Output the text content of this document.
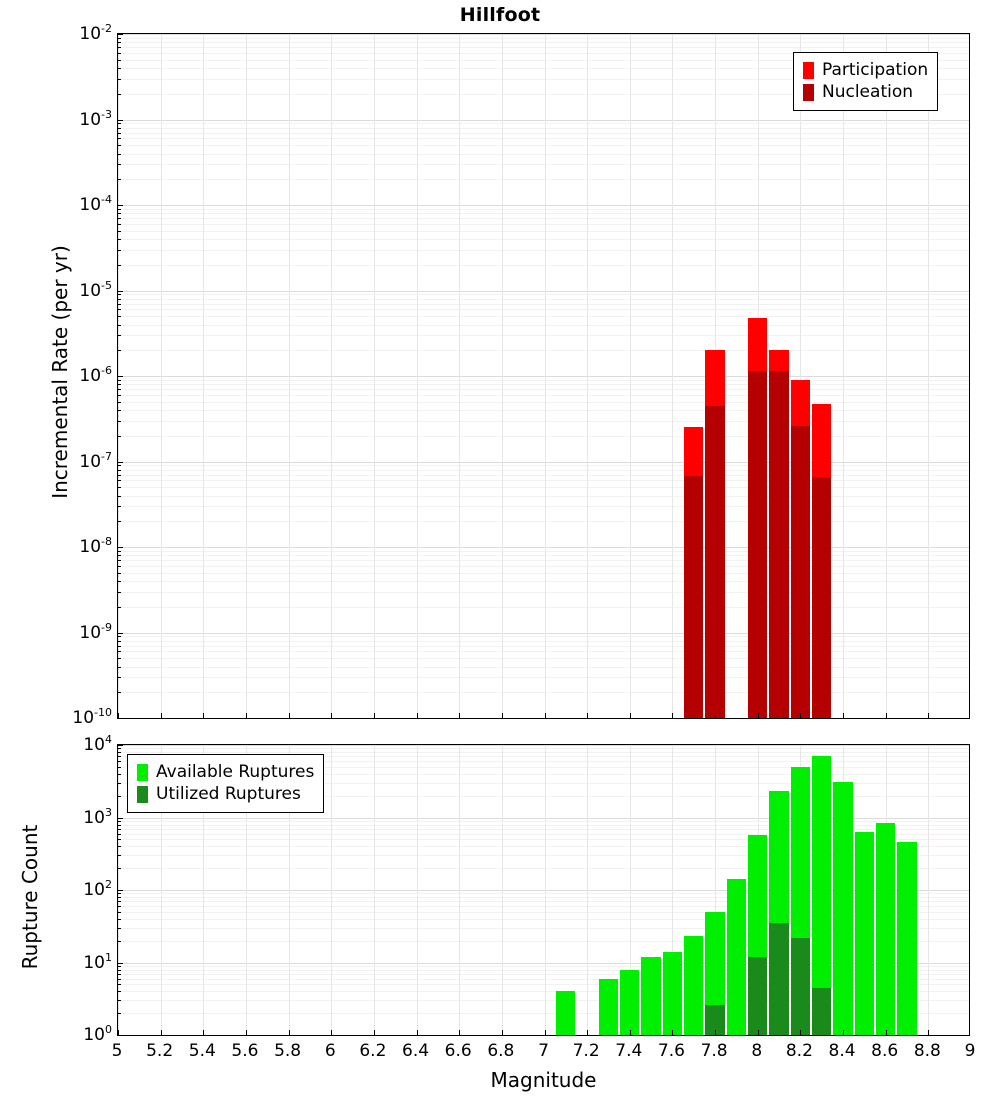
Hillfoot
Participation
Nucleation
Available Ruptures
Utilized Ruptures
$10^{-10}$
$10^{-9}$
$10^{-8}$
$10^{-7}$
$10^{-6}$
$10^{-5}$
$10^{-4}$
$10^{-3}$
$10^{-2}$
$10^0$
$10^1$
$10^2$
$10^3$
$10^4$
5 5.2 5.4 5.6 5.8 6 6.2 6.4 6.6 6.8 7 7.2 7.4 7.6 7.8 8 8.2 8.4 8.6 8.8 9
Incremental Rate (per yr)
Rupture Count
Magnitude
